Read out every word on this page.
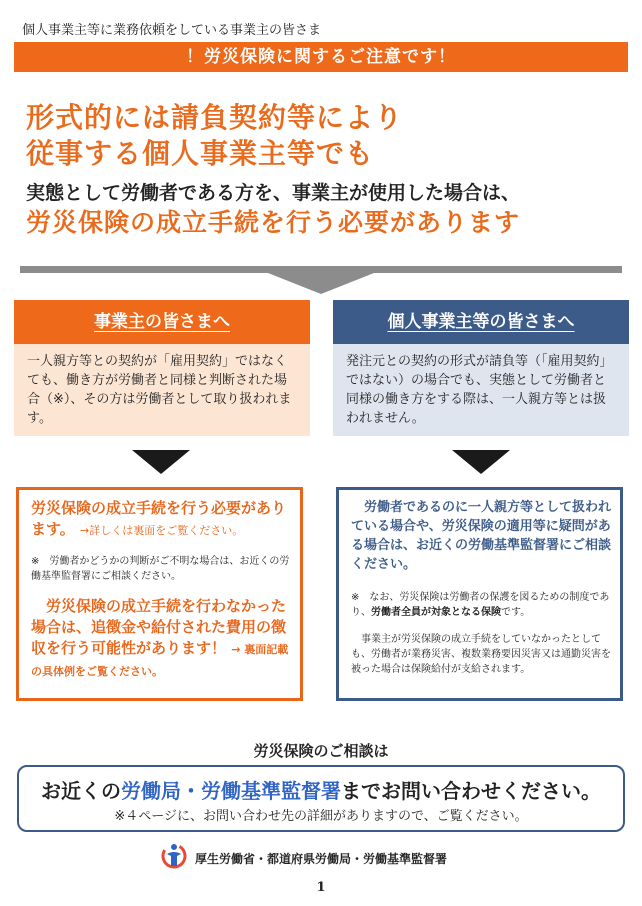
個人事業主等に業務依頼をしている事業主の皆さま
！労災保険に関するご注意です！
形式的には請負契約等により
従事する個人事業主等でも
実態として労働者である方を、事業主が使用した場合は、
労災保険の成立手続を行う必要があります
事業主の皆さまへ
一人親方等との契約が「雇用契約」ではなくても、働き方が労働者と同様と判断された場合（※）、その方は労働者として取り扱われます。
個人事業主等の皆さまへ
発注元との契約の形式が請負等（「雇用契約」ではない）の場合でも、実態として労働者と同様の働き方をする際は、一人親方等とは扱われません。
労災保険の成立手続を行う必要があります。 →詳しくは裏面をご覧ください。
※　労働者かどうかの判断がご不明な場合は、お近くの労働基準監督署にご相談ください。
　労災保険の成立手続を行わなかった場合は、追徴金や給付された費用の徴収を行う可能性があります！ → 裏面記載の具体例をご覧ください。
　労働者であるのに一人親方等として扱われている場合や、労災保険の適用等に疑問がある場合は、お近くの労働基準監督署にご相談ください。
※　なお、労災保険は労働者の保護を図るための制度であり、労働者全員が対象となる保険です。
　事業主が労災保険の成立手続をしていなかったとしても、労働者が業務災害、複数業務要因災害又は通勤災害を被った場合は保険給付が支給されます。
労災保険のご相談は
お近くの労働局・労働基準監督署までお問い合わせください。
※４ページに、お問い合わせ先の詳細がありますので、ご覧ください。
厚生労働省・都道府県労働局・労働基準監督署
1
